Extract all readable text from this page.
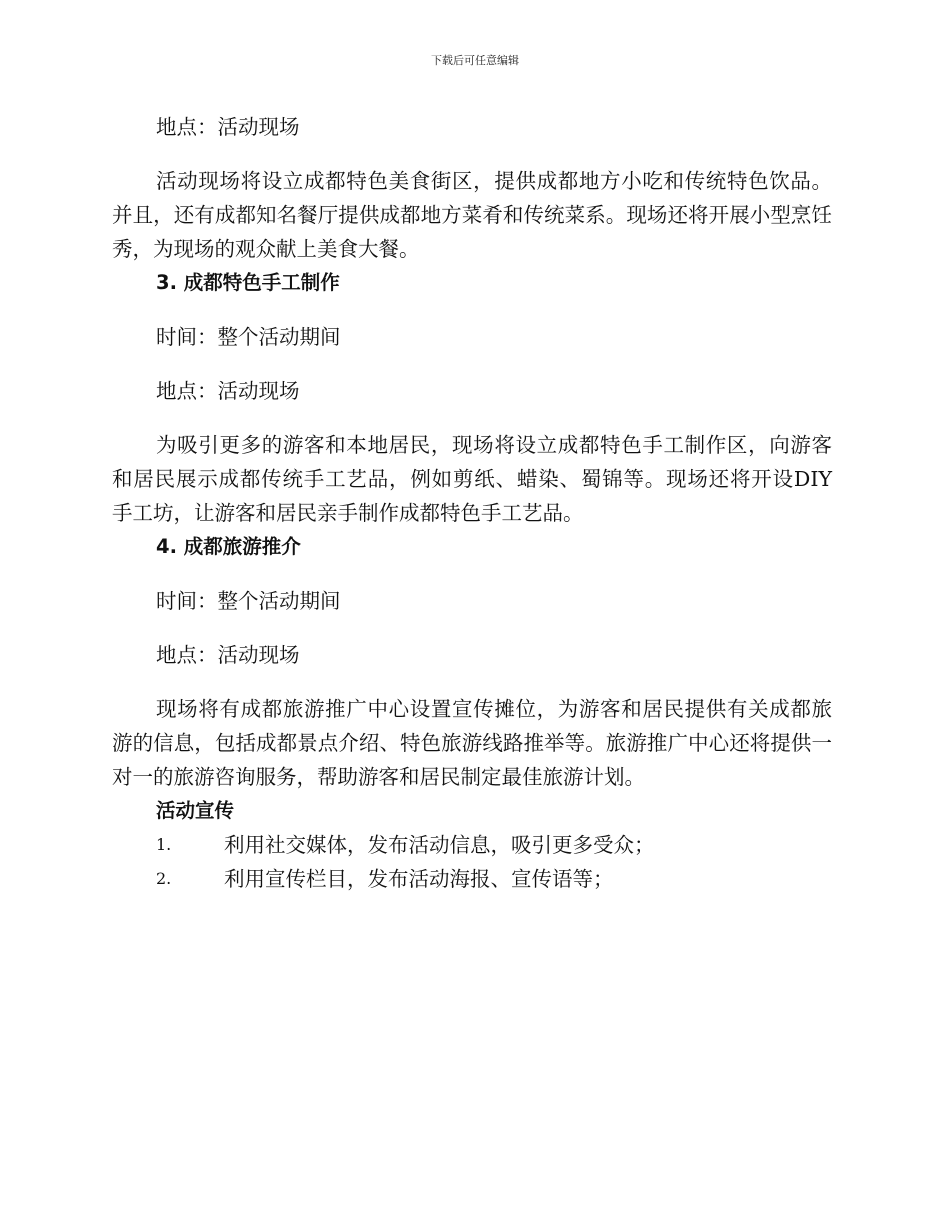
下载后可任意编辑

地点：活动现场

活动现场将设立成都特色美食街区，提供成都地方小吃和传统特色饮品。并且，还有成都知名餐厅提供成都地方菜肴和传统菜系。现场还将开展小型烹饪秀，为现场的观众献上美食大餐。

3. 成都特色手工制作

时间：整个活动期间

地点：活动现场

为吸引更多的游客和本地居民，现场将设立成都特色手工制作区，向游客和居民展示成都传统手工艺品，例如剪纸、蜡染、蜀锦等。现场还将开设DIY 手工坊，让游客和居民亲手制作成都特色手工艺品。

4. 成都旅游推介

时间：整个活动期间

地点：活动现场

现场将有成都旅游推广中心设置宣传摊位，为游客和居民提供有关成都旅游的信息，包括成都景点介绍、特色旅游线路推举等。旅游推广中心还将提供一对一的旅游咨询服务，帮助游客和居民制定最佳旅游计划。

活动宣传

1.	利用社交媒体，发布活动信息，吸引更多受众；
2.	利用宣传栏目，发布活动海报、宣传语等；
